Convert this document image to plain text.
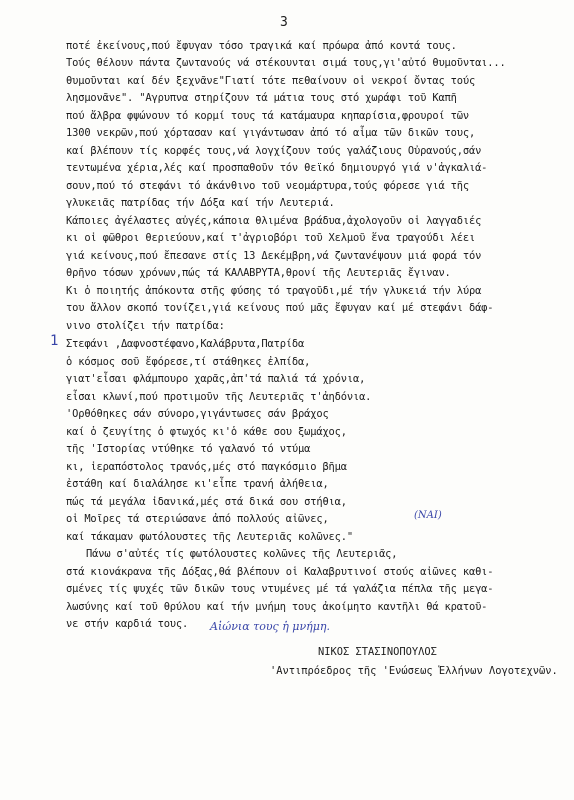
3
ποτέ ἐκείνους,πού ἔφυγαν τόσο τραγικά καί πρόωρα ἀπό κοντά τους.
Τούς θέλουν πάντα ζωντανούς νά στέκουνται σιμά τους,γι'αὐτό θυμοῦνται...
θυμοῦνται καί δέν ξεχνᾶνε"Γιατί τότε πεθαίνουν οἱ νεκροί ὄντας τούς
λησμονᾶνε". "Αγρυπνα στηρίζουν τά μάτια τους στό χωράφι τοῦ Καπῆ
πού ἄλβρα φψώνουν τό κορμί τους τά κατάμαυρα κηπαρίσια,φρουροί τῶν
1300 νεκρῶν,πού χόρτασαν καί γιγάντωσαν ἀπό τό αἷμα τῶν δικῶν τους,
καί βλέπουν τίς κορφές τους,νά λογχίζουν τούς γαλάζιους Οὐρανούς,σάν
τεντωμένα χέρια,λές καί προσπαθοῦν τόν θεϊκό δημιουργό γιά ν'ἀγκαλιά-
σουν,πού τό στεφάνι τό ἀκάνθινο τοῦ νεομάρτυρα,τούς φόρεσε γιά τῆς
γλυκειᾶς πατρίδας τήν Δόξα καί τήν Λευτεριά.
Κάποιες ἀγέλαστες αὐγές,κάποια θλιμένα βράδυα,ἀχολογοῦν οἱ λαγγαδιές
κι οἱ φῶθροι θεριεύουν,καί τ'ἀγριοβόρι τοῦ Χελμοῦ ἕνα τραγούδι λέει
γιά κείνους,πού ἔπεσανε στίς 13 Δεκέμβρη,νά ζωντανέψουν μιά φορά τόν
θρῆνο τόσων χρόνων,πώς τά ΚΑΛΑΒΡΥΤΑ,θρονί τῆς Λευτεριᾶς ἔγιναν.
Κι ὁ ποιητής ἀπόκοντα στῆς φύσης τό τραγοῦδι,μέ τήν γλυκειά τήν λύρα
του ἄλλον σκοπό τονίζει,γιά κείνους πού μᾶς ἔφυγαν καί μέ στεφάνι δάφ-
νινο στολίζει τήν πατρίδα:
1 Στεφάνι ,Δαφνοστέφανο,Καλάβρυτα,Πατρίδα
ὁ κόσμος σοῦ ἔφόρεσε,τί στάθηκες ἐλπίδα,
γιατ'εἶσαι φλάμπουρο χαρᾶς,ἀπ'τά παλιά τά χρόνια,
εἶσαι κλωνί,πού προτιμοῦν τῆς Λευτεριᾶς τ'ἀηδόνια.
'Ορθόθηκες σάν σύνορο,γιγάντωσες σάν βράχος
καί ὁ ζευγίτης ὁ φτωχός κι'ὁ κάθε σου ξωμάχος,
τῆς 'Ιστορίας ντύθηκε τό γαλανό τό ντύμα
κι, ἱεραπόστολος τρανός,μές στό παγκόσμιο βῆμα
ἐστάθη καί διαλάλησε κι'εἶπε τρανή ἀλήθεια,
πώς τά μεγάλα ἰδανικά,μές στά δικά σου στήθια,
οἱ Μοῖρες τά στεριώσανε ἀπό πολλούς αἰῶνες,
καί τάκαμαν φωτόλουστες τῆς Λευτεριᾶς κολῶνες."
(ΝΑΙ)
Πάνω σ'αὐτές τίς φωτόλουστες κολῶνες τῆς Λευτεριᾶς,
στά κιονάκρανα τῆς Δόξας,θά βλέπουν οἱ Καλαβρυτινοί στούς αἰῶνες καθι-
σμένες τίς ψυχές τῶν δικῶν τους ντυμένες μέ τά γαλάζια πέπλα τῆς μεγα-
λωσύνης καί τοῦ θρύλου καί τήν μνήμη τους ἀκοίμητο καντῆλι θά κρατοῦ-
νε στήν καρδιά τους. Αἰώνια τους ἡ μνήμη.
ΝΙΚΟΣ ΣΤΑΣΙΝΟΠΟΥΛΟΣ
'Αντιπρόεδρος τῆς 'Ενώσεως Ἑλλήνων Λογοτεχνῶν.
